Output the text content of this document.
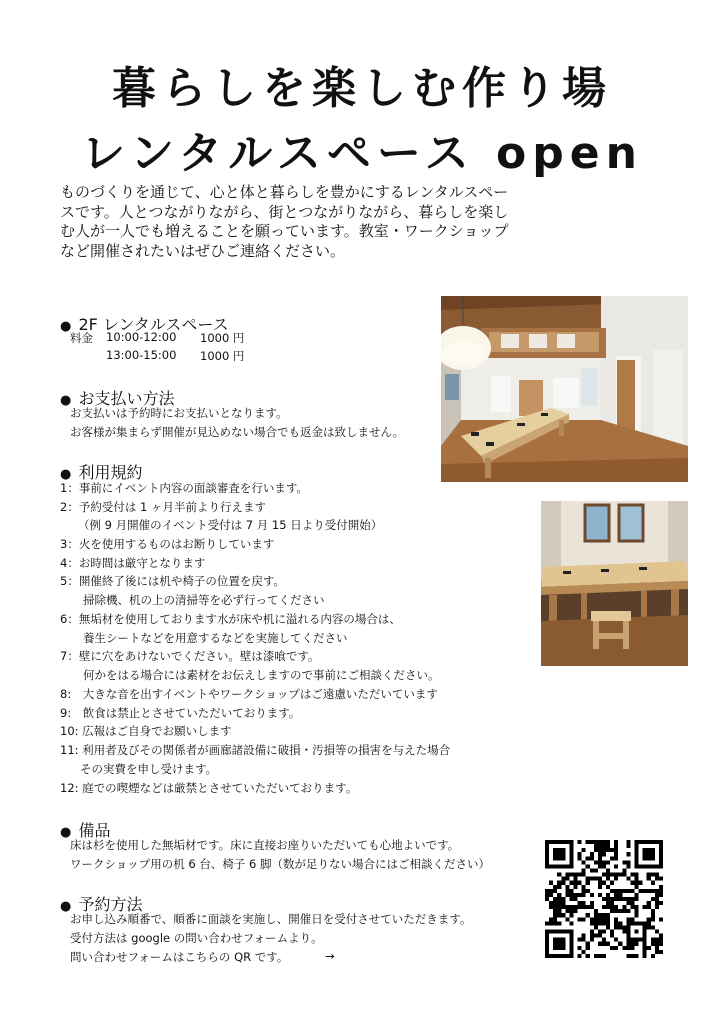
暮らしを楽しむ作り場
レンタルスペース open
ものづくりを通じて、心と体と暮らしを豊かにするレンタルスペースです。人とつながりながら、街とつながりながら、暮らしを楽しむ人が一人でも増えることを願っています。教室・ワークショップなど開催されたいはぜひご連絡ください。
● 2F レンタルスペース
料金 10:00-12:00 1000 円
13:00-15:00 1000 円
● お支払い方法
お支払いは予約時にお支払いとなります。
お客様が集まらず開催が見込めない場合でも返金は致しません。
● 利用規約
1：事前にイベント内容の面談審査を行います。
2：予約受付は 1 ヶ月半前より行えます
（例 9 月開催のイベント受付は 7 月 15 日より受付開始）
3：火を使用するものはお断りしています
4：お時間は厳守となります
5：開催終了後には机や椅子の位置を戻す。
掃除機、机の上の清掃等を必ず行ってください
6：無垢材を使用しております水が床や机に溢れる内容の場合は、
養生シートなどを用意するなどを実施してください
7：壁に穴をあけないでください。壁は漆喰です。
何かをはる場合には素材をお伝えしますので事前にご相談ください。
8:　大きな音を出すイベントやワークショップはご遠慮いただいています
9:　飲食は禁止とさせていただいております。
10: 広報はご自身でお願いします
11: 利用者及びその関係者が画廊諸設備に破損・汚損等の損害を与えた場合
その実費を申し受けます。
12: 庭での喫煙などは厳禁とさせていただいております。
● 備品
床は杉を使用した無垢材です。床に直接お座りいただいても心地よいです。
ワークショップ用の机 6 台、椅子 6 脚（数が足りない場合にはご相談ください）
● 予約方法
お申し込み順番で、順番に面談を実施し、開催日を受付させていただきます。
受付方法は google の問い合わせフォームより。
問い合わせフォームはこちらの QR です。	→
